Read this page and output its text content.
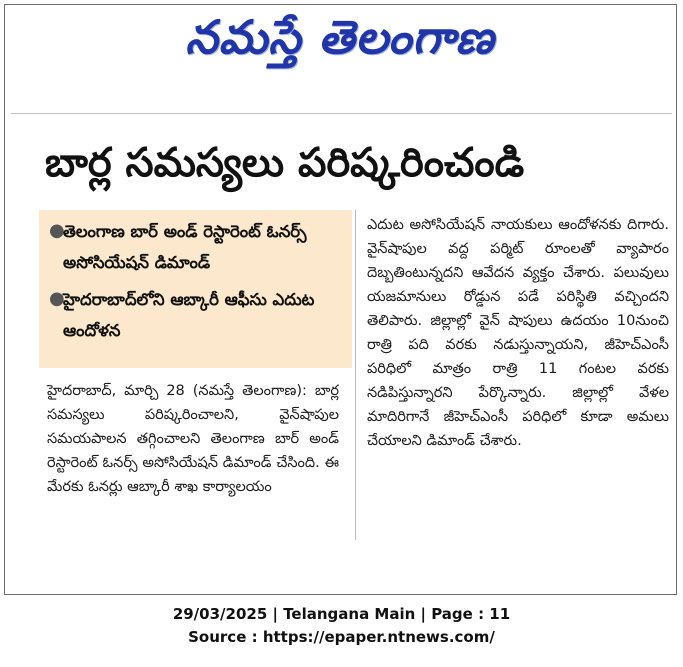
నమస్తే తెలంగాణ
బార్ల సమస్యలు పరిష్కరించండి
●
తెలంగాణ బార్ అండ్ రెస్టారెంట్ ఓనర్స్ అసోసియేషన్ డిమాండ్
●
హైదరాబాద్‌లోని ఆబ్కారీ ఆఫీసు ఎదుట ఆందోళన
హైదరాబాద్, మార్చి 28 (నమస్తే తెలంగాణ): బార్ల సమస్యలు పరిష్కరించాలని, వైన్‌షాపుల సమయపాలన తగ్గించాలని తెలంగాణ బార్ అండ్ రెస్టారెంట్ ఓనర్స్ అసోసియేషన్ డిమాండ్ చేసింది. ఈ మేరకు ఓనర్లు ఆబ్కారీ శాఖ కార్యాలయం
ఎదుట అసోసియేషన్ నాయకులు ఆందోళనకు దిగారు. వైన్‌షాపుల వద్ద పర్మిట్ రూంలతో వ్యాపారం దెబ్బతింటున్నదని ఆవేదన వ్యక్తం చేశారు. పలువులు యజమానులు రోడ్డున పడే పరిస్థితి వచ్చిందని తెలిపారు. జిల్లాల్లో వైన్ షాపులు ఉదయం 10నుంచి రాత్రి పది వరకు నడుస్తున్నాయని, జీహెచ్‌ఎంసీ పరిధిలో మాత్రం రాత్రి 11 గంటల వరకు నడిపిస్తున్నారని పేర్కొన్నారు. జిల్లాల్లో వేళల మాదిరిగానే జీహెచ్‌ఎంసీ పరిధిలో కూడా అమలు చేయాలని డిమాండ్ చేశారు.
29/03/2025 | Telangana Main | Page : 11
Source : https://epaper.ntnews.com/
